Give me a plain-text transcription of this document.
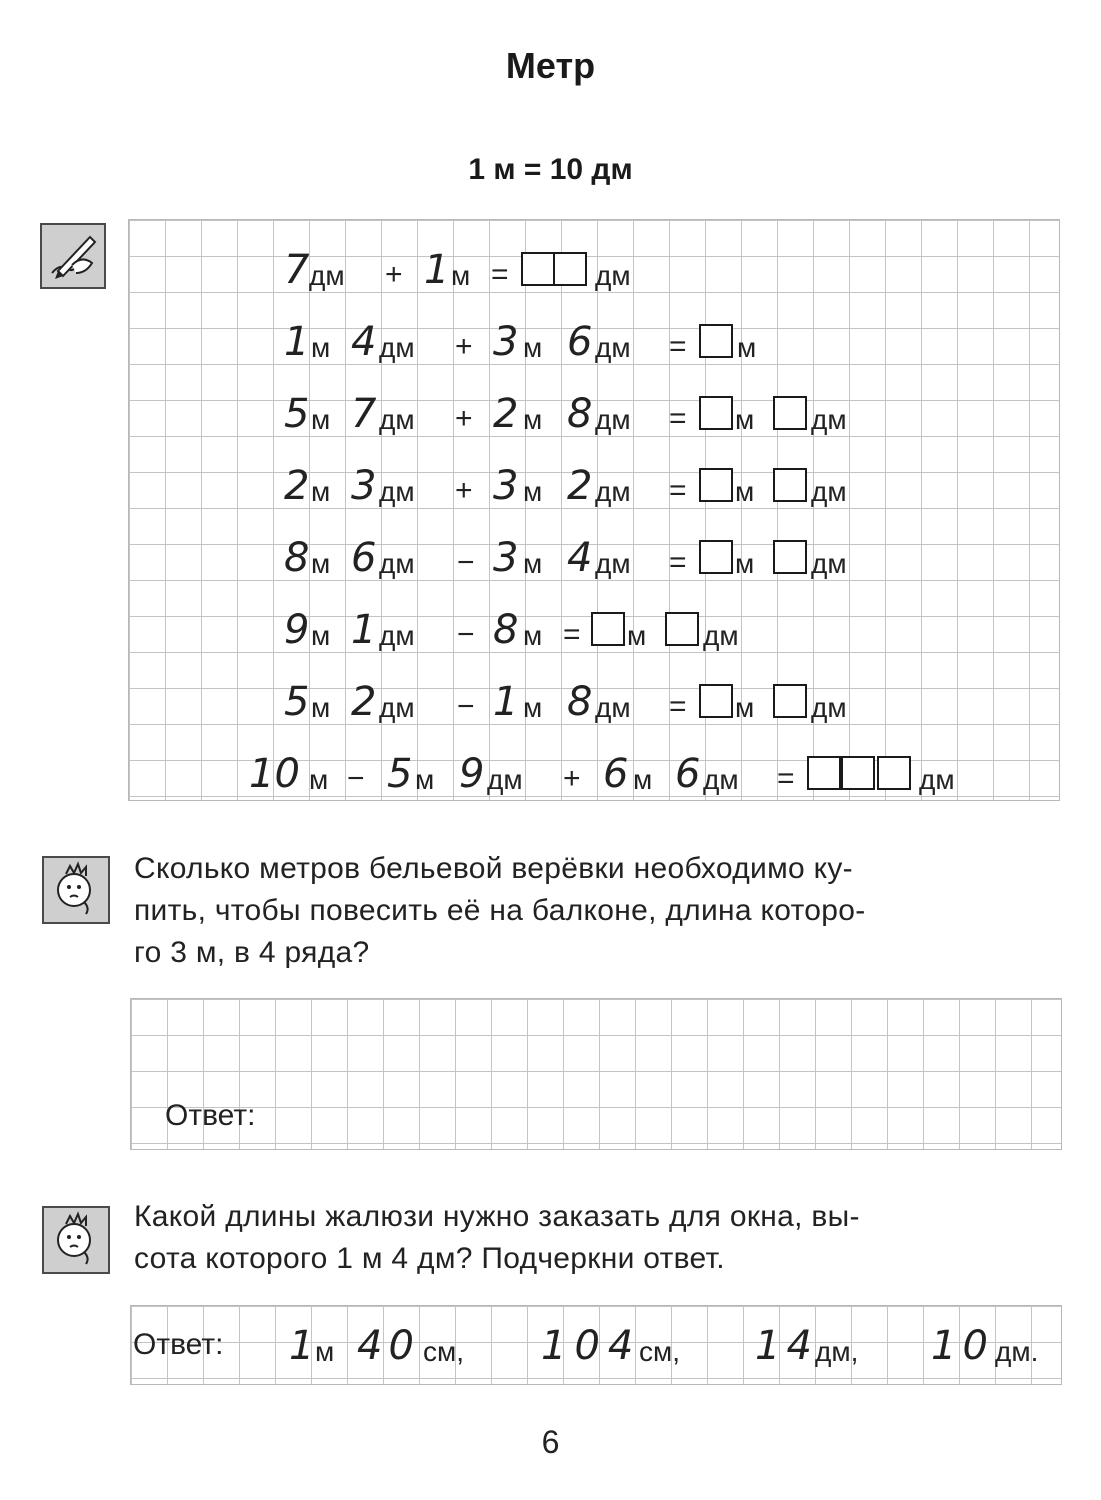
Метр
1 м = 10 дм
7 дм + 1 м =	дм
1 м 4 дм + 3 м 6 дм = м
5 м 7 дм + 2 м 8 дм = м дм
2 м 3 дм + 3 м 2 дм = м дм
8 м 6 дм − 3 м 4 дм = м дм
9 м 1 дм − 8 м = м дм
5 м 2 дм − 1 м 8 дм = м дм
10 м − 5 м 9 дм + 6 м 6 дм =	дм
Сколько метров бельевой верёвки необходимо ку-
пить, чтобы повесить её на балконе, длина которо-
го 3 м, в 4 ряда?
Ответ:
Какой длины жалюзи нужно заказать для окна, вы-
сота которого 1 м 4 дм? Подчеркни ответ.
Ответ: 1 м 40 см, 104
см, 14
дм, 10 дм.
6
